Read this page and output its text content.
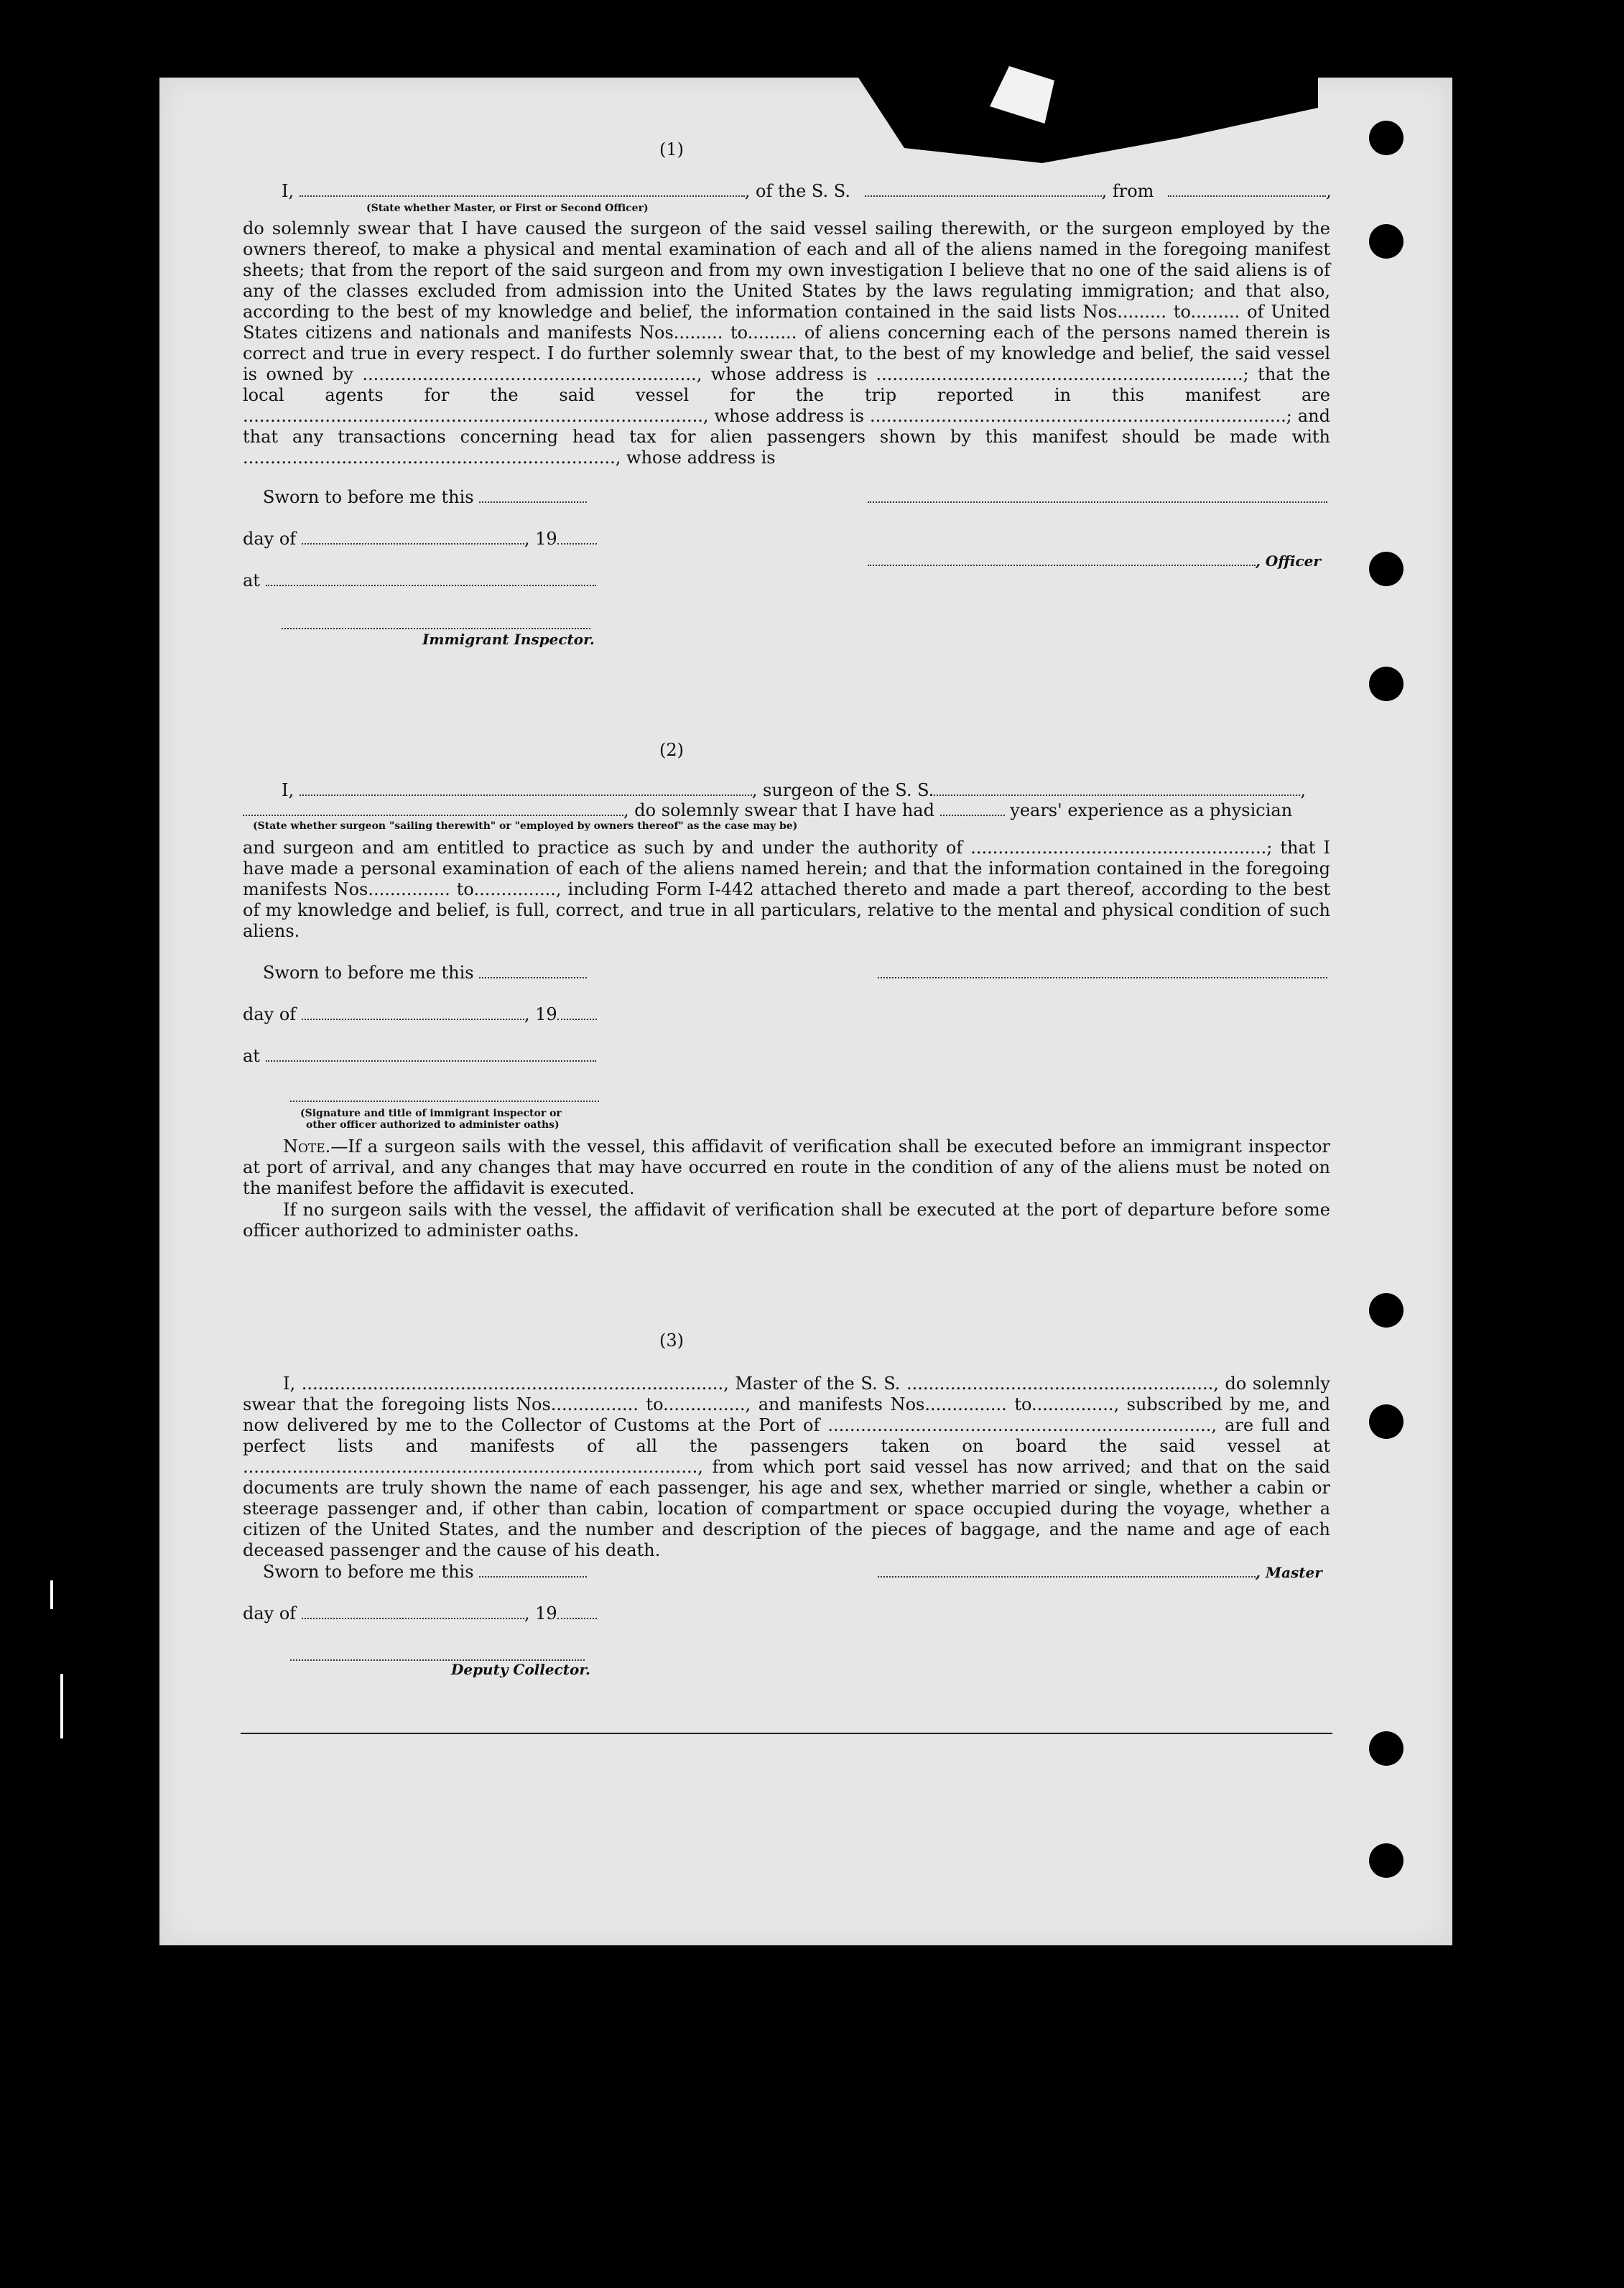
(1)
I,	, of the S. S.	, from	,
(State whether Master, or First or Second Officer)
do solemnly swear that I have caused the surgeon of the said vessel sailing therewith, or the surgeon employed by the owners thereof, to make a physical and mental examination of each and all of the aliens named in the foregoing manifest sheets; that from the report of the said surgeon and from my own investigation I believe that no one of the said aliens is of any of the classes excluded from admission into the United States by the laws regulating immigration; and that also, according to the best of my knowledge and belief, the information contained in the said lists Nos......... to......... of United States citizens and nationals and manifests Nos......... to......... of aliens concerning each of the persons named therein is correct and true in every respect. I do further solemnly swear that, to the best of my knowledge and belief, the said vessel is owned by ............................................................., whose address is ...................................................................; that the local agents for the said vessel for the trip reported in this manifest are ...................................................................................., whose address is ............................................................................; and that any transactions concerning head tax for alien passengers shown by this manifest should be made with ...................................................................., whose address is
Sworn to before me this
day of	, 19
, Officer
at
Immigrant Inspector.
(2)
I,	, surgeon of the S. S.	,
, do solemnly swear that I have had	years' experience as a physician
(State whether surgeon "sailing therewith" or "employed by owners thereof" as the case may be)
and surgeon and am entitled to practice as such by and under the authority of ......................................................; that I have made a personal examination of each of the aliens named herein; and that the information contained in the foregoing manifests Nos............... to..............., including Form I-442 attached thereto and made a part thereof, according to the best of my knowledge and belief, is full, correct, and true in all particulars, relative to the mental and physical condition of such aliens.
Sworn to before me this
day of	, 19
at
(Signature and title of immigrant inspector or
other officer authorized to administer oaths)
Note.—If a surgeon sails with the vessel, this affidavit of verification shall be executed before an immigrant inspector at port of arrival, and any changes that may have occurred en route in the condition of any of the aliens must be noted on the manifest before the affidavit is executed.
If no surgeon sails with the vessel, the affidavit of verification shall be executed at the port of departure before some officer authorized to administer oaths.
(3)
I, ............................................................................., Master of the S. S. ........................................................, do solemnly swear that the foregoing lists Nos................ to..............., and manifests Nos............... to..............., subscribed by me, and now delivered by me to the Collector of Customs at the Port of ......................................................................, are full and perfect lists and manifests of all the passengers taken on board the said vessel at ..................................................................................., from which port said vessel has now arrived; and that on the said documents are truly shown the name of each passenger, his age and sex, whether married or single, whether a cabin or steerage passenger and, if other than cabin, location of compartment or space occupied during the voyage, whether a citizen of the United States, and the number and description of the pieces of baggage, and the name and age of each deceased passenger and the cause of his death.
Sworn to before me this	, Master
day of	, 19
Deputy Collector.
